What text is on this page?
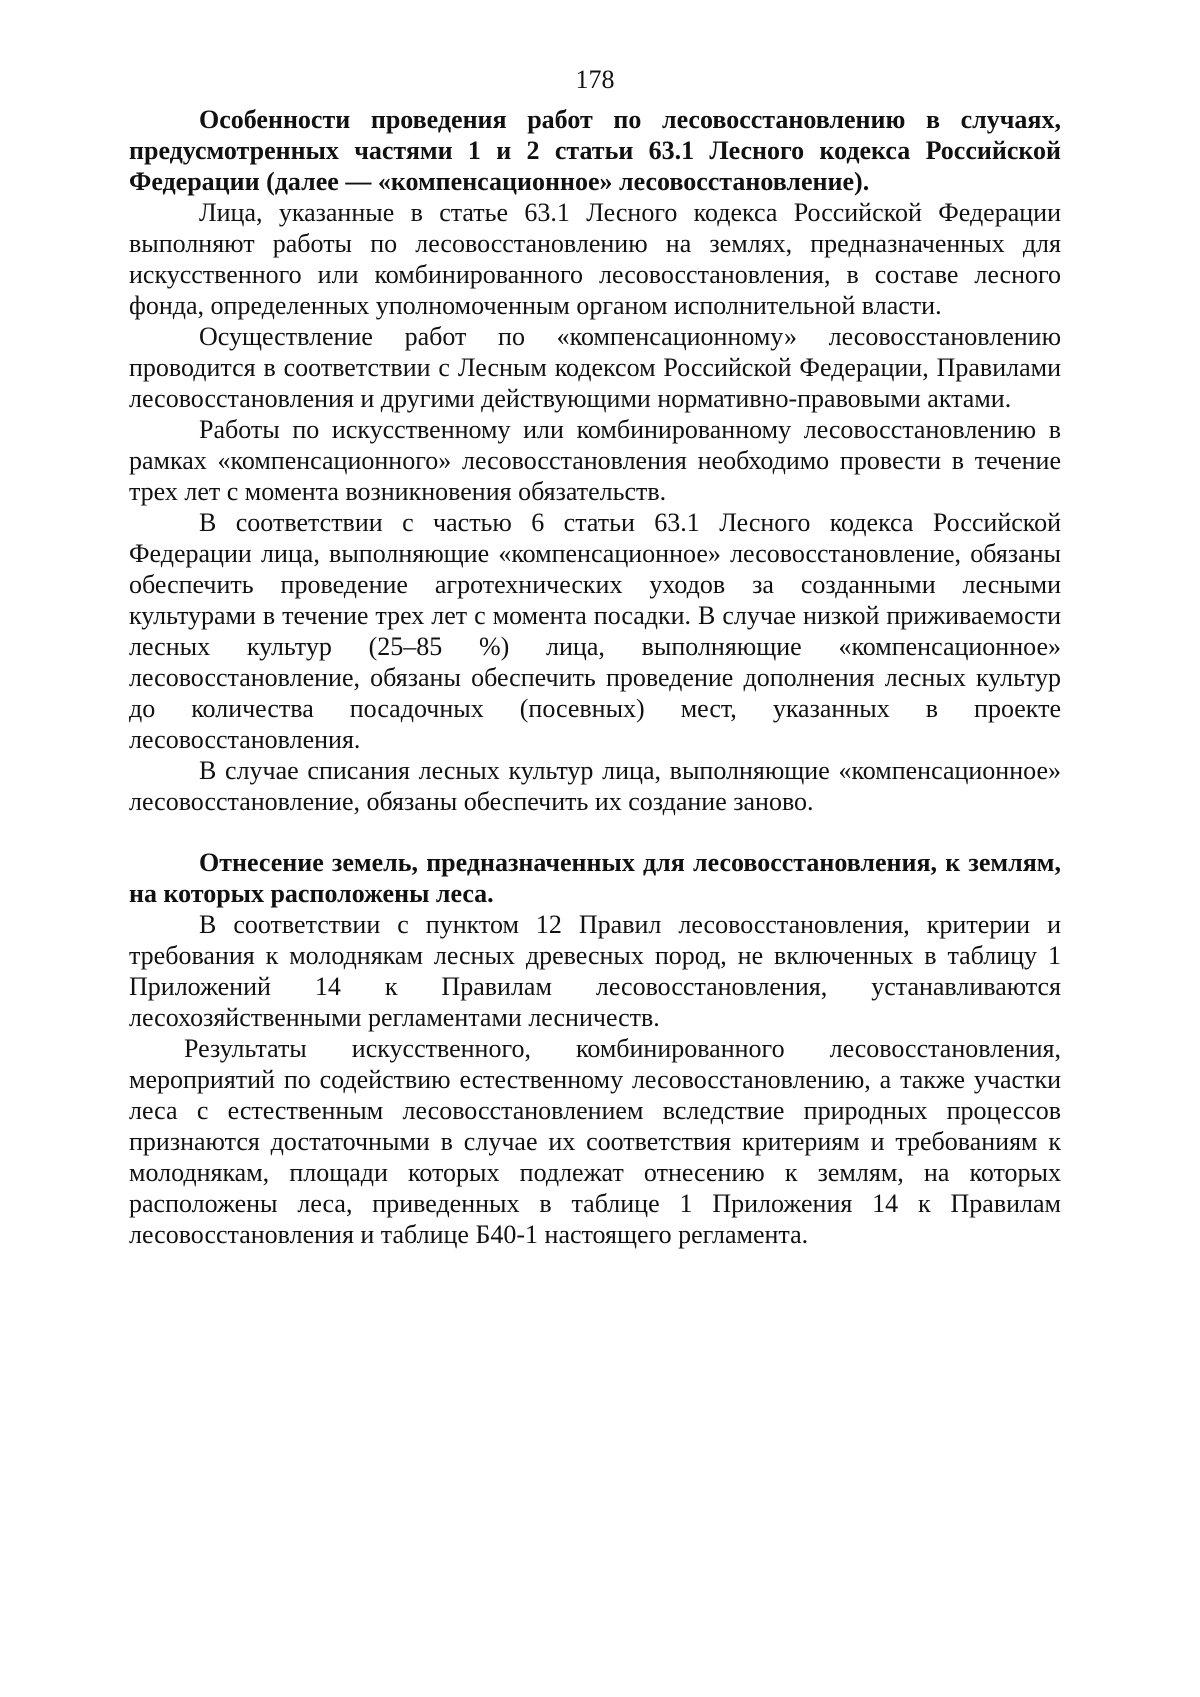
178

Особенности проведения работ по лесовосстановлению в случаях, предусмотренных частями 1 и 2 статьи 63.1 Лесного кодекса Российской Федерации (далее — «компенсационное» лесовосстановление).

Лица, указанные в статье 63.1 Лесного кодекса Российской Федерации выполняют работы по лесовосстановлению на землях, предназначенных для искусственного или комбинированного лесовосстановления, в составе лесного фонда, определенных уполномоченным органом исполнительной власти.

Осуществление работ по «компенсационному» лесовосстановлению проводится в соответствии с Лесным кодексом Российской Федерации, Правилами лесовосстановления и другими действующими нормативно-правовыми актами.

Работы по искусственному или комбинированному лесовосстановлению в рамках «компенсационного» лесовосстановления необходимо провести в течение трех лет с момента возникновения обязательств.

В соответствии с частью 6 статьи 63.1 Лесного кодекса Российской Федерации лица, выполняющие «компенсационное» лесовосстановление, обязаны обеспечить проведение агротехнических уходов за созданными лесными культурами в течение трех лет с момента посадки. В случае низкой приживаемости лесных культур (25–85 %) лица, выполняющие «компенсационное» лесовосстановление, обязаны обеспечить проведение дополнения лесных культур до количества посадочных (посевных) мест, указанных в проекте лесовосстановления.

В случае списания лесных культур лица, выполняющие «компенсационное» лесовосстановление, обязаны обеспечить их создание заново.

Отнесение земель, предназначенных для лесовосстановления, к землям, на которых расположены леса.

В соответствии с пунктом 12 Правил лесовосстановления, критерии и требования к молоднякам лесных древесных пород, не включенных в таблицу 1 Приложений 14 к Правилам лесовосстановления, устанавливаются лесохозяйственными регламентами лесничеств.

Результаты искусственного, комбинированного лесовосстановления, мероприятий по содействию естественному лесовосстановлению, а также участки леса с естественным лесовосстановлением вследствие природных процессов признаются достаточными в случае их соответствия критериям и требованиям к молоднякам, площади которых подлежат отнесению к землям, на которых расположены леса, приведенных в таблице 1 Приложения 14 к Правилам лесовосстановления и таблице Б40-1 настоящего регламента.
